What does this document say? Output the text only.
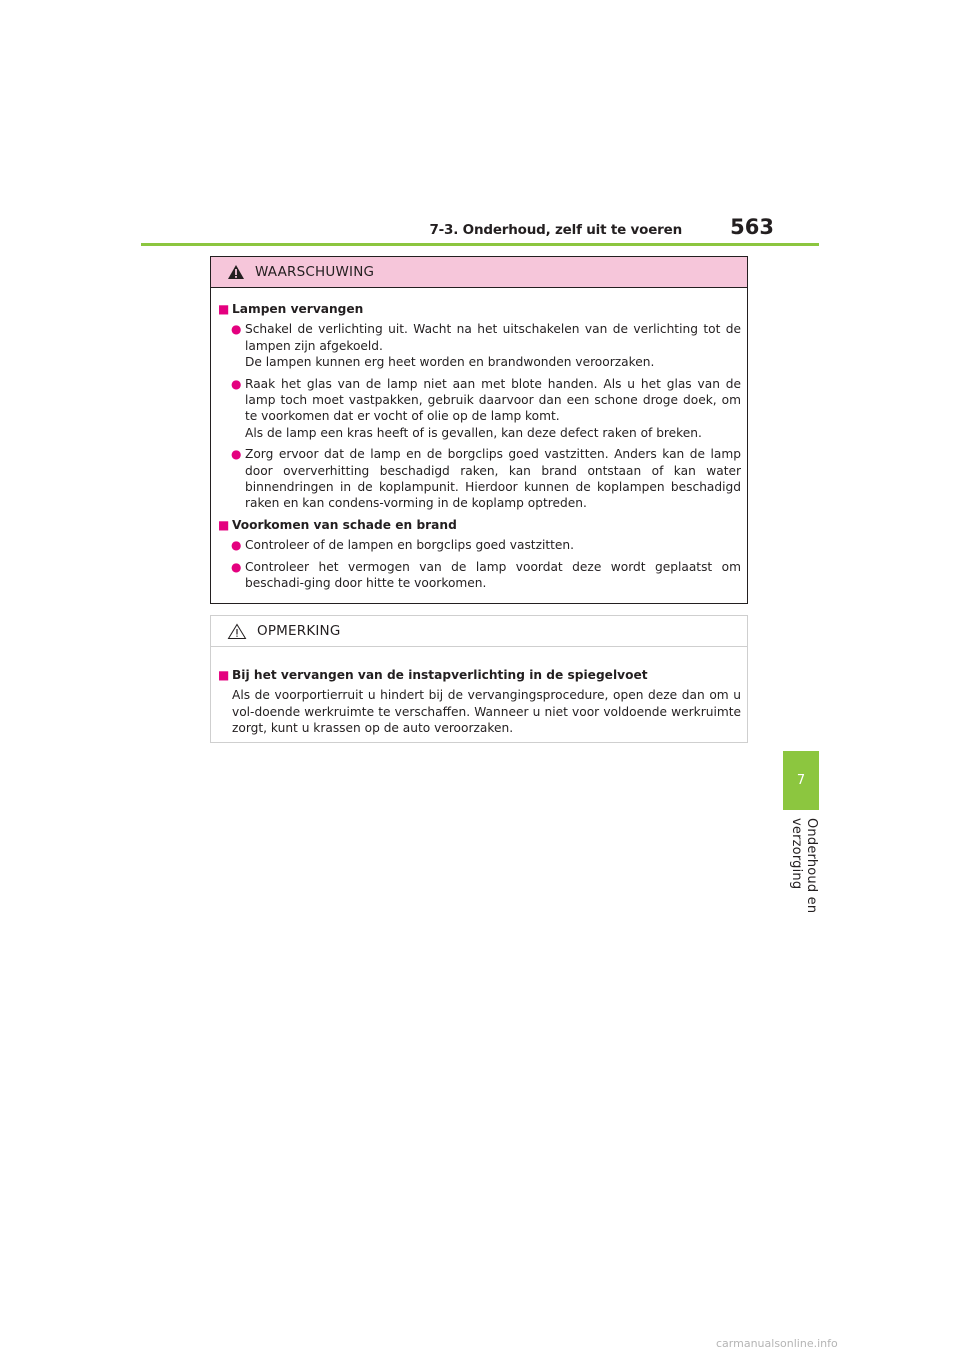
7-3. Onderhoud, zelf uit te voeren	563
7
Onderhoud en verzorging
WAARSCHUWING
■ Lampen vervangen
● Schakel de verlichting uit. Wacht na het uitschakelen van de verlichting tot de lampen zijn afgekoeld.

De lampen kunnen erg heet worden en brandwonden veroorzaken.

● Raak het glas van de lamp niet aan met blote handen. Als u het glas van de lamp toch moet vastpakken, gebruik daarvoor dan een schone droge doek, om te voorkomen dat er vocht of olie op de lamp komt.

Als de lamp een kras heeft of is gevallen, kan deze defect raken of breken.

● Zorg ervoor dat de lamp en de borgclips goed vastzitten. Anders kan de lamp door oververhitting beschadigd raken, kan brand ontstaan of kan water binnendringen in de koplampunit. Hierdoor kunnen de koplampen beschadigd raken en kan condens-vorming in de koplamp optreden.

■ Voorkomen van schade en brand
● Controleer of de lampen en borgclips goed vastzitten.

● Controleer het vermogen van de lamp voordat deze wordt geplaatst om beschadi-ging door hitte te voorkomen.

OPMERKING
■ Bij het vervangen van de instapverlichting in de spiegelvoet

Als de voorportierruit u hindert bij de vervangingsprocedure, open deze dan om u vol-doende werkruimte te verschaffen. Wanneer u niet voor voldoende werkruimte zorgt, kunt u krassen op de auto veroorzaken.

carmanualsonline.info
